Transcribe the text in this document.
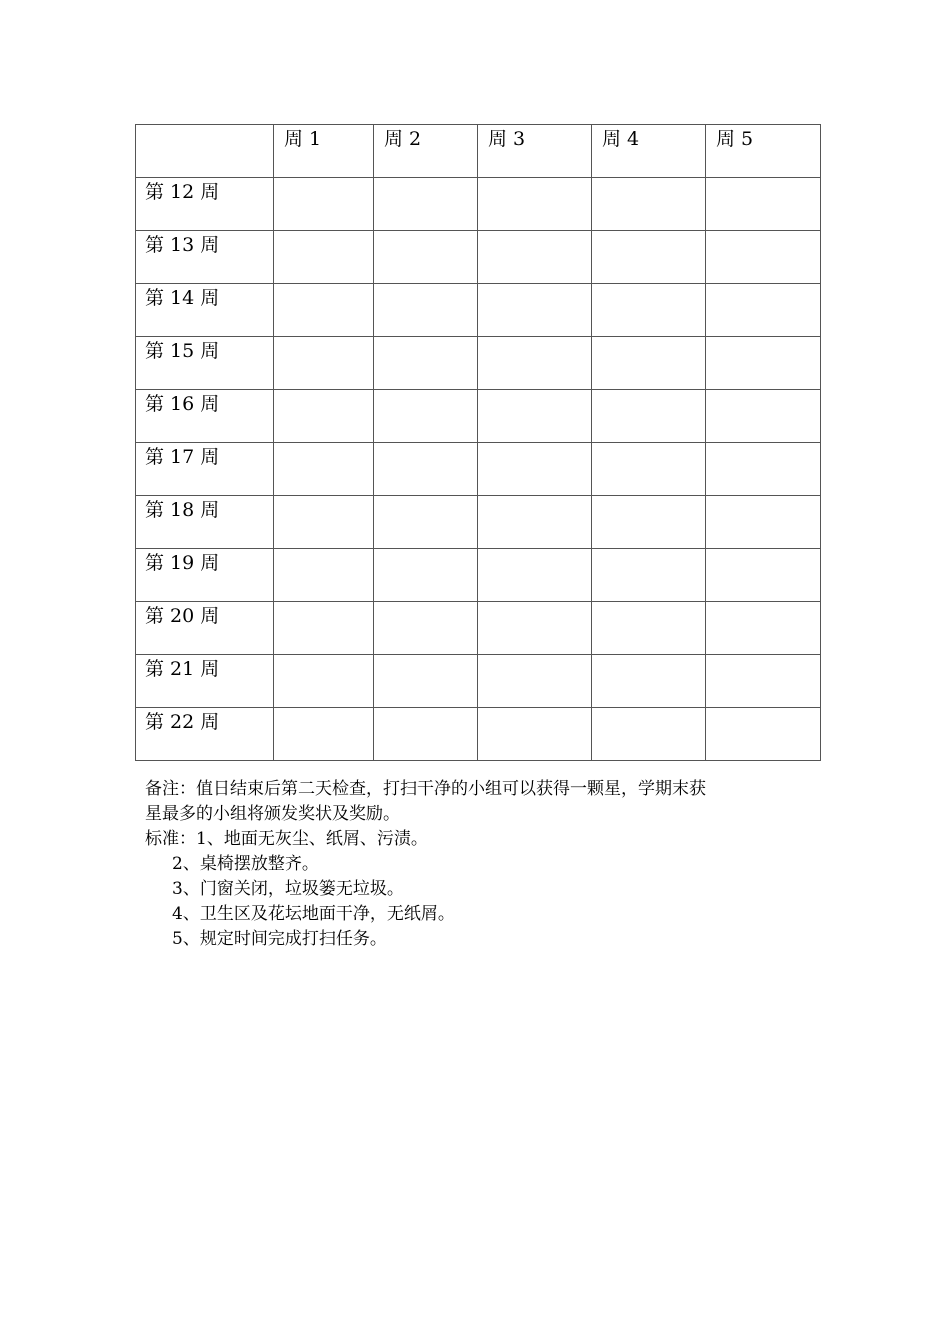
	周 1	周 2	周 3	周 4	周 5
第 12 周					
第 13 周					
第 14 周					
第 15 周					
第 16 周					
第 17 周					
第 18 周					
第 19 周					
第 20 周					
第 21 周					
第 22 周					

备注：值日结束后第二天检查，打扫干净的小组可以获得一颗星，学期末获

星最多的小组将颁发奖状及奖励。

标准：1、地面无灰尘、纸屑、污渍。

2、桌椅摆放整齐。

3、门窗关闭，垃圾篓无垃圾。

4、卫生区及花坛地面干净，无纸屑。

5、规定时间完成打扫任务。
